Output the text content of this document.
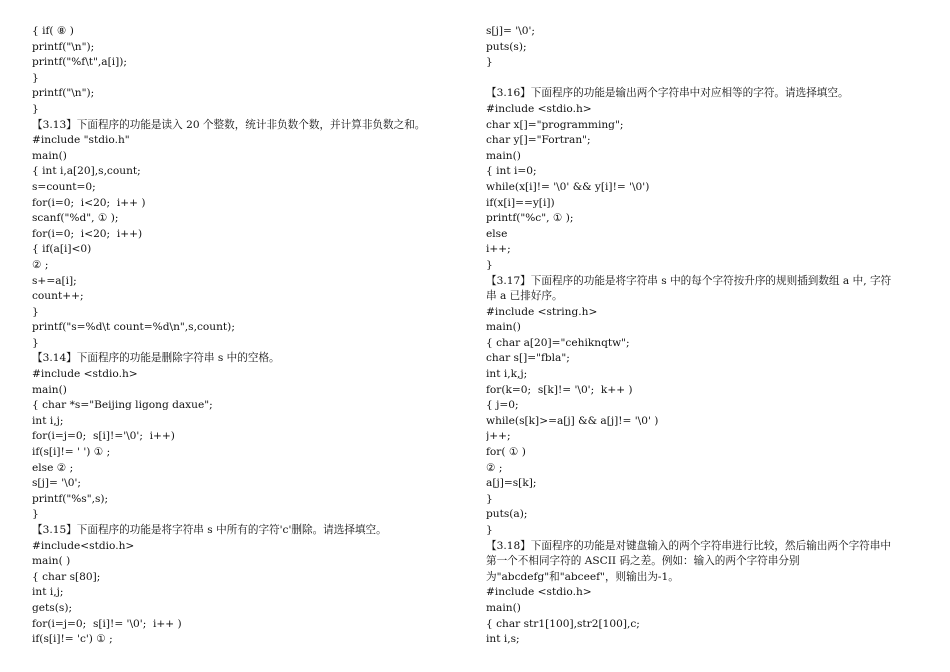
{ if( ⑧ )
printf("\n");
printf("%f\t",a[i]);
}
printf("\n");
}
【3.13】下面程序的功能是读入 20 个整数，统计非负数个数，并计算非负数之和。
#include "stdio.h"
main()
{ int i,a[20],s,count;
s=count=0;
for(i=0;  i<20;  i++ )
scanf("%d", ① );
for(i=0;  i<20;  i++)
{ if(a[i]<0)
② ;
s+=a[i];
count++;
}
printf("s=%d\t count=%d\n",s,count);
}
【3.14】下面程序的功能是删除字符串 s 中的空格。
#include <stdio.h>
main()
{ char *s="Beijing ligong daxue";
int i,j;
for(i=j=0;  s[i]!='\0';  i++)
if(s[i]!= ' ') ① ;
else ② ;
s[j]= '\0';
printf("%s",s);
}
【3.15】下面程序的功能是将字符串 s 中所有的字符'c'删除。请选择填空。
#include<stdio.h>
main( )
{ char s[80];
int i,j;
gets(s);
for(i=j=0;  s[i]!= '\0';  i++ )
if(s[i]!= 'c') ① ;
s[j]= '\0';
puts(s);
}
【3.16】下面程序的功能是输出两个字符串中对应相等的字符。请选择填空。
#include <stdio.h>
char x[]="programming";
char y[]="Fortran";
main()
{ int i=0;
while(x[i]!= '\0' && y[i]!= '\0')
if(x[i]==y[i])
printf("%c", ① );
else
i++;
}
【3.17】下面程序的功能是将字符串 s 中的每个字符按升序的规则插到数组 a 中, 字符
串 a 已排好序。
#include <string.h>
main()
{ char a[20]="cehiknqtw";
char s[]="fbla";
int i,k,j;
for(k=0;  s[k]!= '\0';  k++ )
{ j=0;
while(s[k]>=a[j] && a[j]!= '\0' )
j++;
for( ① )
② ;
a[j]=s[k];
}
puts(a);
}
【3.18】下面程序的功能是对键盘输入的两个字符串进行比较，然后输出两个字符串中
第一个不相同字符的 ASCII 码之差。例如：输入的两个字符串分别
为"abcdefg"和"abceef"，则输出为-1。
#include <stdio.h>
main()
{ char str1[100],str2[100],c;
int i,s;
